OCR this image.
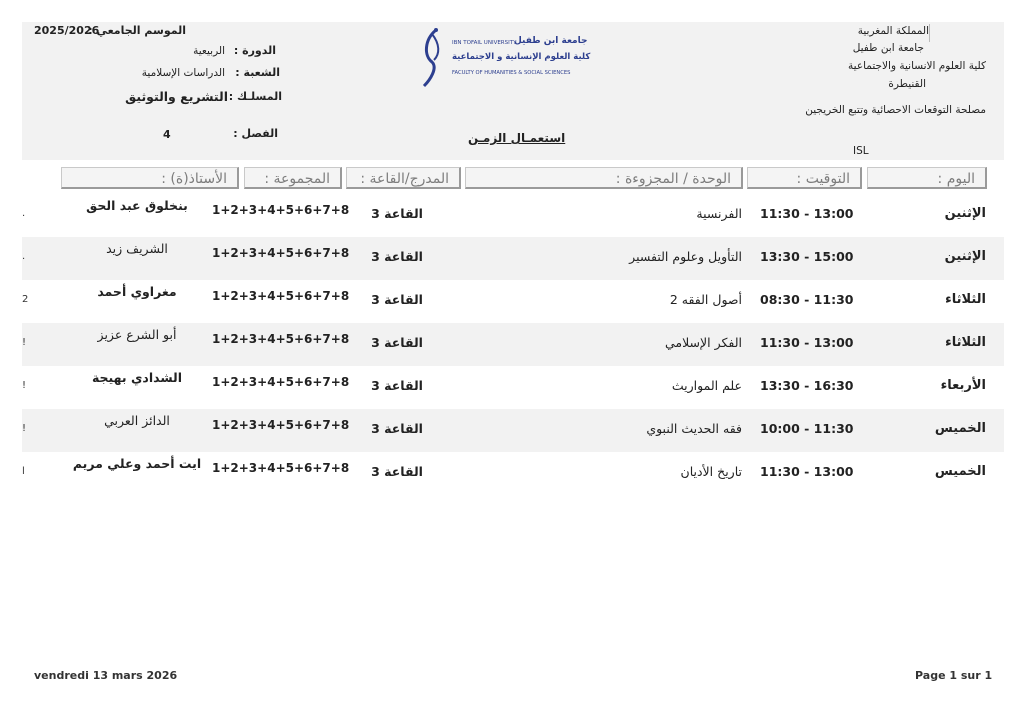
المملكة المغربية
جامعة ابن طفيل
كلية العلوم الانسانية والاجتماعية
القنيطرة
مصلحة التوقعات الاحصائية وتتبع الخريجين
ISL
IBN TOFAIL UNIVERSITY
جامعة ابن طفيل
كلية العلوم الإنسانية و الاجتماعية
FACULTY OF HUMANITIES & SOCIAL SCIENCES
الموسم الجامعي :
2025/2026
الدورة :
الربيعية
الشعبة :
الدراسات الإسلامية
المسلـك :
التشريع والتوثيق
الفصل :
4	استعمـال الزمـن
اليوم :
التوقيت :
الوحدة / المجزوءة :
المدرج/القاعة :
المجموعة :
الأستاذ(ة) :
الإثنين
11:30 - 13:00
الفرنسية
القاعة 3
1+2+3+4+5+6+7+8
بنخلوق عبد الحق
.
الإثنين
13:30 - 15:00
التأويل وعلوم التفسير
القاعة 3
1+2+3+4+5+6+7+8
الشريف زيد
.
الثلاثاء
08:30 - 11:30
أصول الفقه 2
القاعة 3
1+2+3+4+5+6+7+8
مغراوي أحمد
2
الثلاثاء
11:30 - 13:00
الفكر الإسلامي
القاعة 3
1+2+3+4+5+6+7+8
أبو الشرع عزيز
!
الأربعاء
13:30 - 16:30
علم المواريث
القاعة 3
1+2+3+4+5+6+7+8
الشدادي بهيجة
!
الخميس
10:00 - 11:30
فقه الحديث النبوي
القاعة 3
1+2+3+4+5+6+7+8
الدائز العربي
!
الخميس
11:30 - 13:00
تاريخ الأديان
القاعة 3
1+2+3+4+5+6+7+8
ايت أحمد وعلي مريم
l
vendredi 13 mars 2026	Page 1 sur 1
